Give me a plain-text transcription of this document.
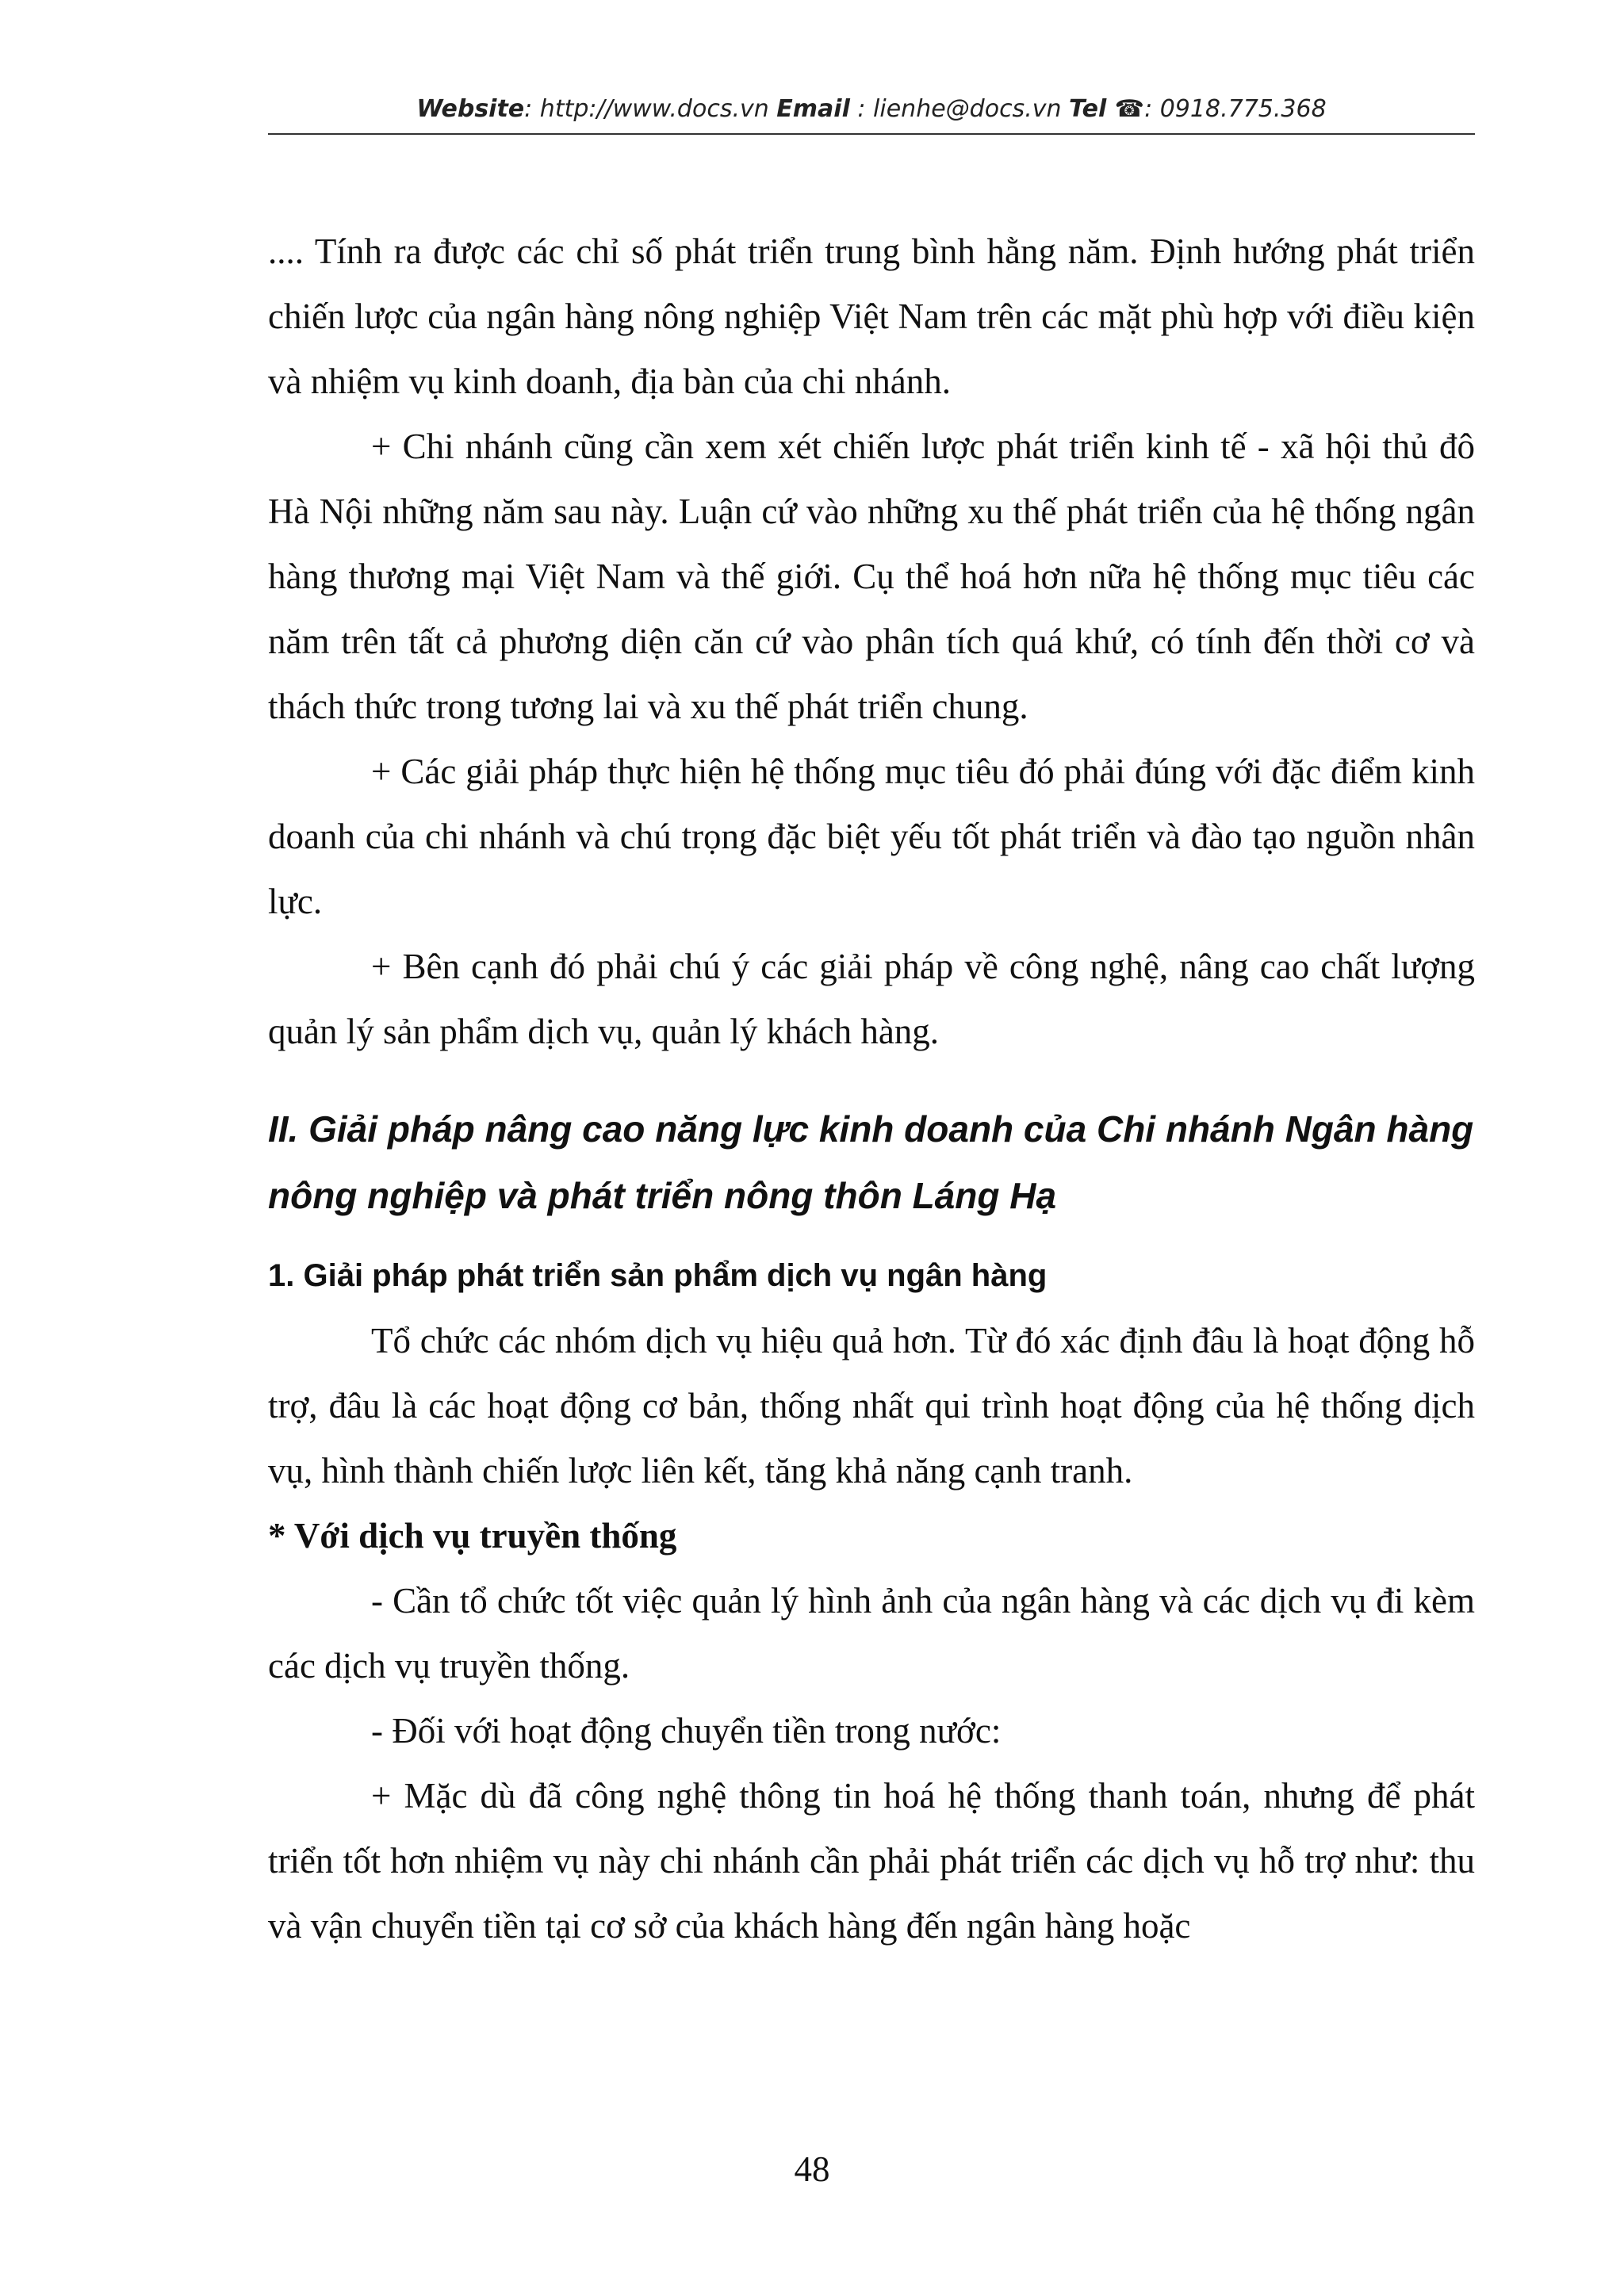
Website: http://www.docs.vn Email : lienhe@docs.vn Tel ☎: 0918.775.368

.... Tính ra được các chỉ số phát triển trung bình hằng năm. Định hướng phát triển chiến lược của ngân hàng nông nghiệp Việt Nam trên các mặt phù hợp với điều kiện và nhiệm vụ kinh doanh, địa bàn của chi nhánh.

+ Chi nhánh cũng cần xem xét chiến lược phát triển kinh tế - xã hội thủ đô Hà Nội những năm sau này. Luận cứ vào những xu thế phát triển của hệ thống ngân hàng thương mại Việt Nam và thế giới. Cụ thể hoá hơn nữa hệ thống mục tiêu các năm trên tất cả phương diện căn cứ vào phân tích quá khứ, có tính đến thời cơ và thách thức trong tương lai và xu thế phát triển chung.

+ Các giải pháp thực hiện hệ thống mục tiêu đó phải đúng với đặc điểm kinh doanh của chi nhánh và chú trọng đặc biệt yếu tốt phát triển và đào tạo nguồn nhân lực.

+ Bên cạnh đó phải chú ý các giải pháp về công nghệ, nâng cao chất lượng quản lý sản phẩm dịch vụ, quản lý khách hàng.

II. Giải pháp nâng cao năng lực kinh doanh của Chi nhánh Ngân hàng nông nghiệp và phát triển nông thôn Láng Hạ
1. Giải pháp phát triển sản phẩm dịch vụ ngân hàng

Tổ chức các nhóm dịch vụ hiệu quả hơn. Từ đó xác định đâu là hoạt động hỗ trợ, đâu là các hoạt động cơ bản, thống nhất qui trình hoạt động của hệ thống dịch vụ, hình thành chiến lược liên kết, tăng khả năng cạnh tranh.

* Với dịch vụ truyền thống

- Cần tổ chức tốt việc quản lý hình ảnh của ngân hàng và các dịch vụ đi kèm các dịch vụ truyền thống.

- Đối với hoạt động chuyển tiền trong nước:

+ Mặc dù đã công nghệ thông tin hoá hệ thống thanh toán, nhưng để phát triển tốt hơn nhiệm vụ này chi nhánh cần phải phát triển các dịch vụ hỗ trợ như: thu và vận chuyển tiền tại cơ sở của khách hàng đến ngân hàng hoặc

48
